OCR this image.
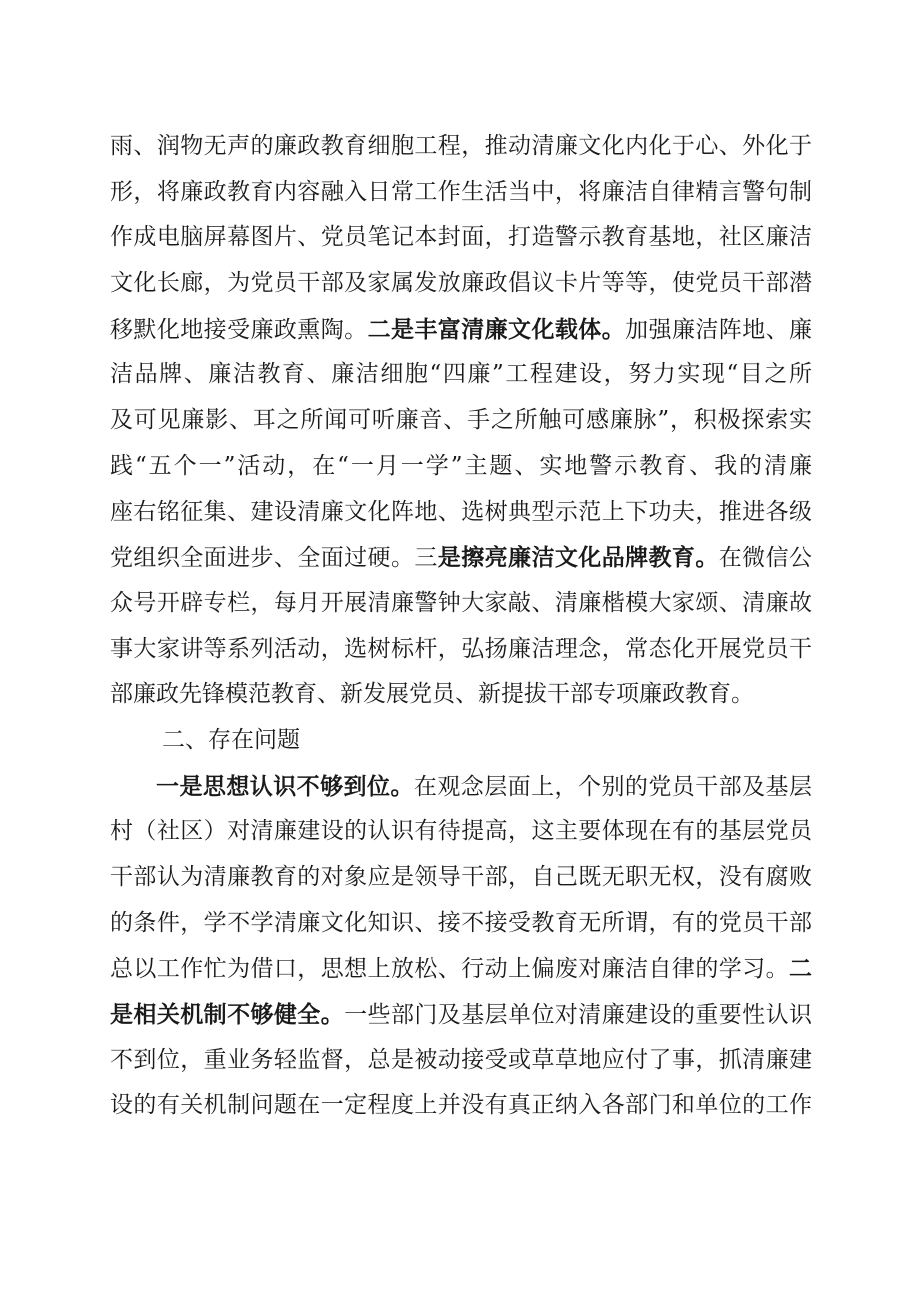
雨、润物无声的廉政教育细胞工程，推动清廉文化内化于心、外化于
形，将廉政教育内容融入日常工作生活当中，将廉洁自律精言警句制
作成电脑屏幕图片、党员笔记本封面，打造警示教育基地，社区廉洁
文化长廊，为党员干部及家属发放廉政倡议卡片等等，使党员干部潜
移默化地接受廉政熏陶。二是丰富清廉文化载体。加强廉洁阵地、廉
洁品牌、廉洁教育、廉洁细胞“四廉”工程建设，努力实现“目之所
及可见廉影、耳之所闻可听廉音、手之所触可感廉脉”，积极探索实
践“五个一”活动，在“一月一学”主题、实地警示教育、我的清廉
座右铭征集、建设清廉文化阵地、选树典型示范上下功夫，推进各级
党组织全面进步、全面过硬。三是擦亮廉洁文化品牌教育。在微信公
众号开辟专栏，每月开展清廉警钟大家敲、清廉楷模大家颂、清廉故
事大家讲等系列活动，选树标杆，弘扬廉洁理念，常态化开展党员干
部廉政先锋模范教育、新发展党员、新提拔干部专项廉政教育。
二、存在问题
一是思想认识不够到位。在观念层面上，个别的党员干部及基层
村（社区）对清廉建设的认识有待提高，这主要体现在有的基层党员
干部认为清廉教育的对象应是领导干部，自己既无职无权，没有腐败
的条件，学不学清廉文化知识、接不接受教育无所谓，有的党员干部
总以工作忙为借口，思想上放松、行动上偏废对廉洁自律的学习。二
是相关机制不够健全。一些部门及基层单位对清廉建设的重要性认识
不到位，重业务轻监督，总是被动接受或草草地应付了事，抓清廉建
设的有关机制问题在一定程度上并没有真正纳入各部门和单位的工作
